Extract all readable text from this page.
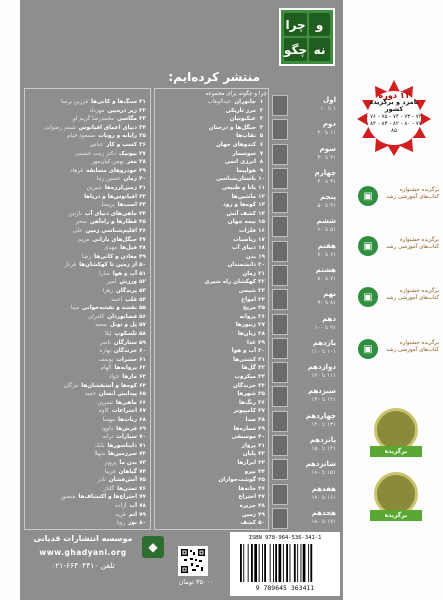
چرا و
چگو نه
منتشر کرده‌ایم:
چرا و چگونه برای مجموعه
۳۱
سنگ‌ها و کانی‌ها
فرزین برسا
۳۲
زیر ذره‌بین
مهرداد
۳۳
مگاسی
محمدرضا گریم لو
۳۴
دنیای اعماق اقیانوس
شبنم رضوانی
۳۵
رایانه و روبات
مسعود خیام
۳۶
کسب و کار
عباس
۳۷
بیونیک
دکتر زینب حسینی
۳۸
مغز
بهمن کیان‌مهر
۳۹
خودروهای مسابقه
فرهاد
۴۰
زمان
حسین زیبا
۴۱
زمین‌لرزه‌ها
شیرین
۴۲
اقیانوس‌ها و دریاها
۴۳
اسب‌ها
پریسا
۴۴
ماهی‌های دنیای آب
نازنین
۴۵
قطارها و راه‌آهن
سحر
۴۶
اقلیم‌شناسی زمین
علی
۴۷
جنگل‌های بارانی
مریم
۴۸
فیل‌ها
مهدی
۴۹
معادن و کانی‌ها
رضا
۵۰
از زمین تا کهکشان‌ها
فرناز
۵۱
آب و هوا
سارا
۵۲
ورزش
امیر
۵۳
پرندگان
زهرا
۵۴
قلب
احمد
۵۵
نقشه و نقشه‌خوانی
مینا
۵۶
فضانوردان
کامران
۵۷
پل و تونل
سعید
۵۸
تلسکوپ
لیلا
۵۹
ستارگان
ناصر
۶۰
خزندگان
بهاره
۶۱
حشرات
یوسف
۶۲
پروانه‌ها
الهام
۶۳
مارها
جواد
۶۴
کوه‌ها و آتشفشان‌ها
مژگان
۶۵
پیدایش انسان
حمید
۶۶
ماهی‌ها
نسرین
۶۷
اختراعات
کاوه
۶۸
ربات‌ها
مهسا
۶۹
فرش‌ها
داوود
۷۰
سیارات
ترانه
۷۱
دایناسورها
بابک
۷۲
سرزمین‌ها
شهلا
۷۳
بدن ما
پرویز
۷۴
گیاهان
فریبا
۷۵
آتش‌فشان
نادر
۷۶
تمدن‌ها
گلناز
۷۷
اختراع‌ها و اکتشاف‌ها
منصور
۷۸
آب
آزاده
۷۹
اتم
فرید
۸۰
نور
رویا
۱
جانوران
عبدالوهاب
۲
مرز تاریکی
۳
عنکبوتیان
۴
جنگل‌ها و درختان
۵
نقاب‌ها
۶
کندوهای جهان
۷
سوسمار
۸
انرژی اتمی
۹
هواپیما
۱۰
باستان‌شناسی
۱۱
یاتا و طبیعی
۱۲
ماشین‌ها
۱۳
کوه‌ها و رود
۱۴
کشف آتش
۱۵
نیمه جهان
۱۶
فلزات
۱۷
ریاضیات
۱۸
دنیای آب
۱۹
بدن
۲۰
دانشمندان
۲۱
زمان
۲۲
کهکشان راه شیری
۲۳
شیمی
۲۴
امواج
۲۵
مریخ
۲۶
پروانه
۲۷
زنبورها
۲۸
زبان‌ها
۲۹
غذا
۳۰
آب و هوا
۳۱
کشتی‌ها
۳۲
گل‌ها
۳۳
میکروب
۳۴
خزندگان
۳۵
شهرها
۳۶
رنگ‌ها
۳۷
کامپیوتر
۳۸
صدا
۳۹
سیاره‌ها
۴۰
موسیقی
۴۱
پرواز
۴۲
پایان
۴۳
ابزارها
۴۴
نیرو
۴۵
گوشت‌خواران
۴۶
خانه‌ها
۴۷
اختراع
۴۸
جزیره
۴۹
زمین
۵۰
کشف
اول
۱ تا ۱۰
دوم
۱۱ تا ۲۰
سوم
۲۱ تا ۳۰
چهارم
۳۱ تا ۴۰
پنجم
۴۱ تا ۵۰
ششم
۵۱ تا ۶۰
هفتم
۶۱ تا ۷۰
هشتم
۷۱ تا ۸۰
نهم
۸۱ تا ۹۰
دهم
۹۱ تا ۱۰۰
یازدهم
۱۰۱ تا ۱۱۰
دوازدهم
۱۱۱ تا ۱۲۰
سیزدهم
۱۲۱ تا ۱۳۰
چهاردهم
۱۳۱ تا ۱۴۰
پانزدهم
۱۴۱ تا ۱۵۰
شانزدهم
۱۵۱ تا ۱۶۰
هفدهم
۱۶۱ تا ۱۷۰
هجدهم
۱۷۱ تا ۱۸۰
موسسه انتشارات قدیانی
www.ghadyani.org
تلفن ۶۶۴۰۴۴۱۰-۰۲۱
◆
۳۵۰۰۰ تومان
ISBN 978-964-536-341-1
9 789645 363411
۱۱ دوره
نامزد و برگزیده
کشور
۷۲ - ۷۳ - ۷۴ - ۷۵ - ۷۶ - ۷۷ - ۸۰ - ۸۲ - ۸۳ - ۸۴ - ۸۵
▣
برگزیده جشنواره کتاب‌های آموزشی رشد
▣
برگزیده جشنواره کتاب‌های آموزشی رشد
▣
برگزیده جشنواره کتاب‌های آموزشی رشد
▣
برگزیده جشنواره کتاب‌های آموزشی رشد
برگزیده
برگزیده
